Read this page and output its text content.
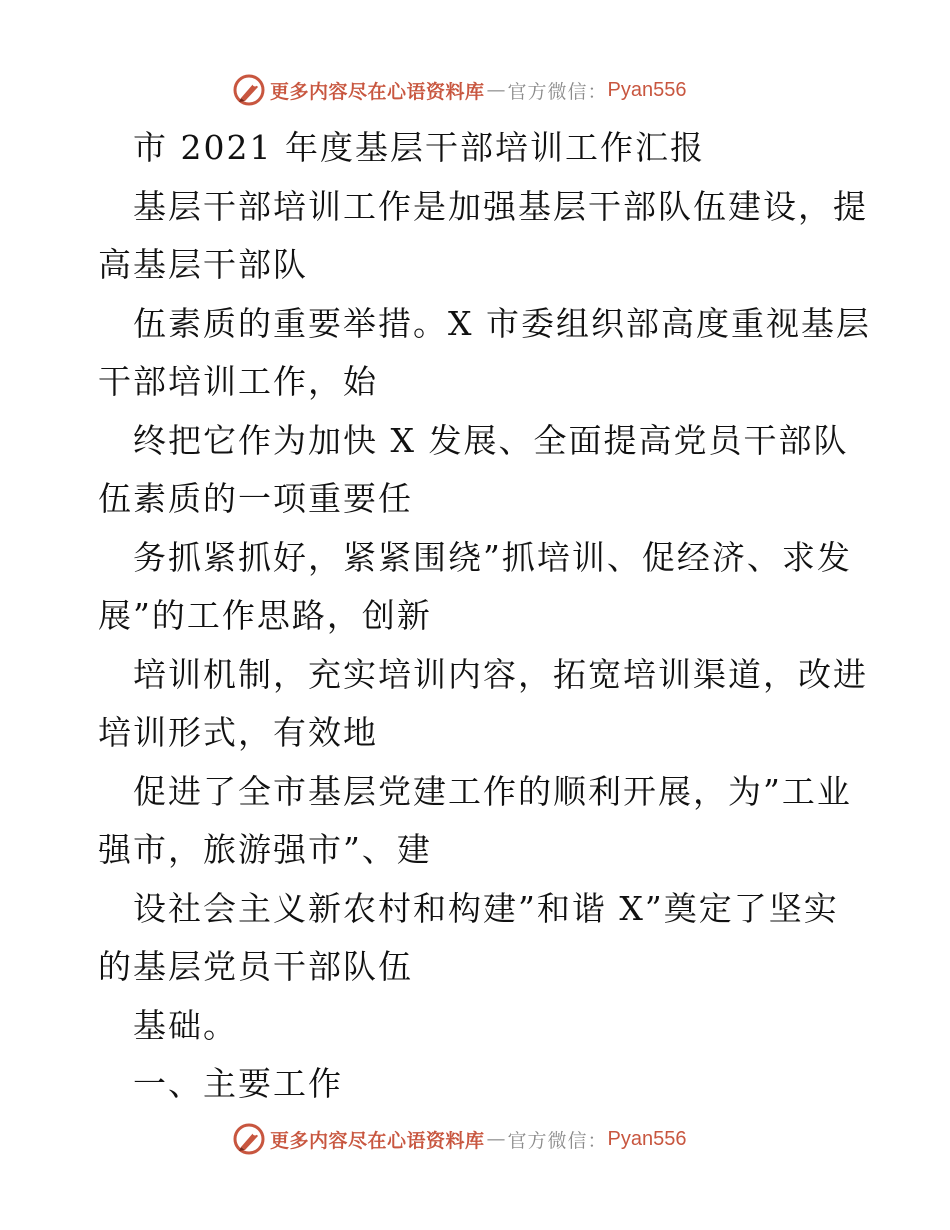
更多内容尽在心语资料库 — 官方微信： Pyan556
市 2021 年度基层干部培训工作汇报
基层干部培训工作是加强基层干部队伍建设，提
高基层干部队
伍素质的重要举措。X 市委组织部高度重视基层
干部培训工作，始
终把它作为加快 X 发展、全面提高党员干部队
伍素质的一项重要任
务抓紧抓好，紧紧围绕”抓培训、促经济、求发
展”的工作思路，创新
培训机制，充实培训内容，拓宽培训渠道，改进
培训形式，有效地
促进了全市基层党建工作的顺利开展，为”工业
强市，旅游强市”、建
设社会主义新农村和构建”和谐 X”奠定了坚实
的基层党员干部队伍
基础。
一、主要工作
更多内容尽在心语资料库 — 官方微信： Pyan556
